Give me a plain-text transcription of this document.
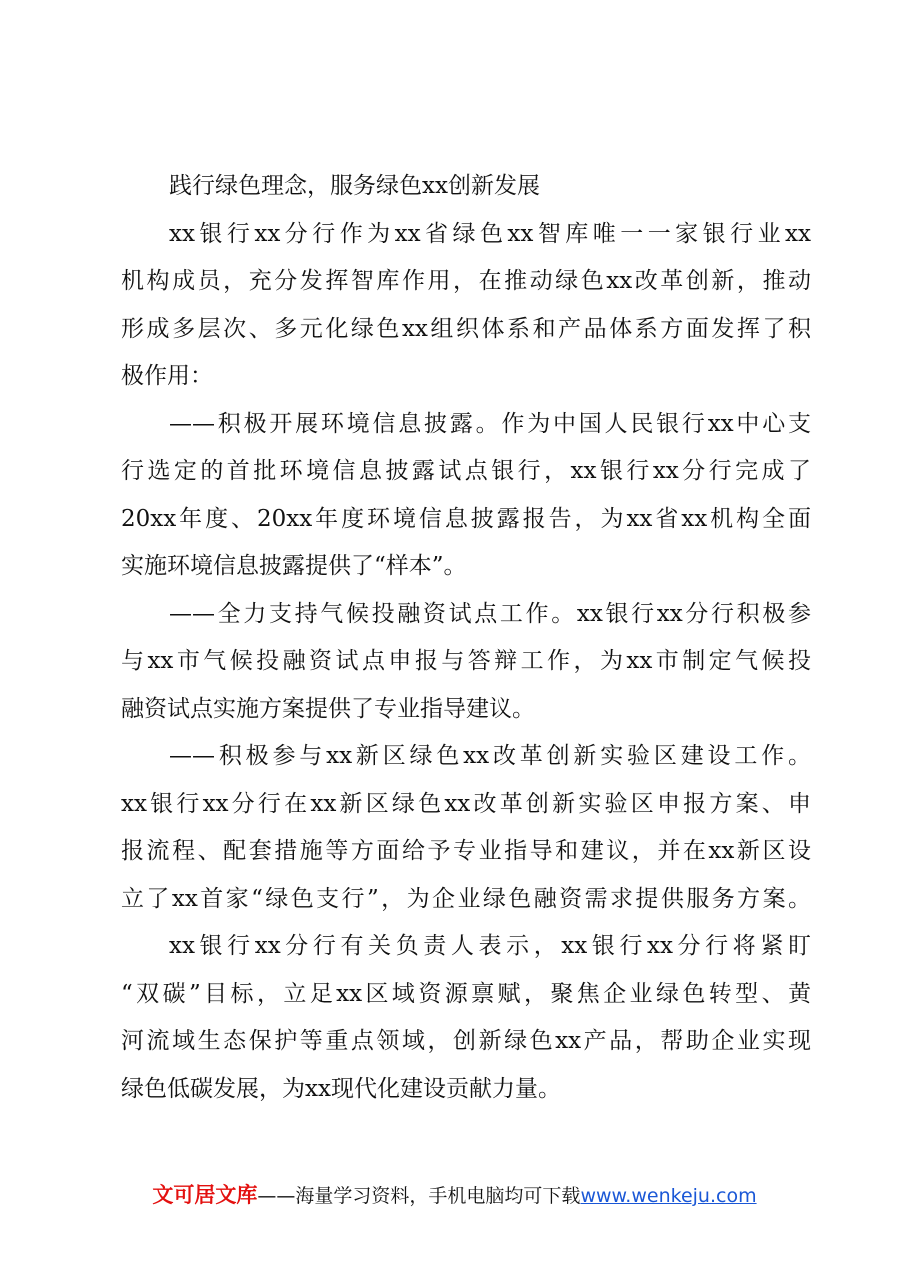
践行绿色理念，服务绿色xx创新发展
xx银行xx分行作为xx省绿色xx智库唯一一家银行业xx
机构成员，充分发挥智库作用，在推动绿色xx改革创新，推动
形成多层次、多元化绿色xx组织体系和产品体系方面发挥了积
极作用：
——积极开展环境信息披露。作为中国人民银行xx中心支
行选定的首批环境信息披露试点银行，xx银行xx分行完成了
20xx年度、20xx年度环境信息披露报告，为xx省xx机构全面
实施环境信息披露提供了“样本”。
——全力支持气候投融资试点工作。xx银行xx分行积极参
与xx市气候投融资试点申报与答辩工作，为xx市制定气候投
融资试点实施方案提供了专业指导建议。
——积极参与xx新区绿色xx改革创新实验区建设工作。
xx银行xx分行在xx新区绿色xx改革创新实验区申报方案、申
报流程、配套措施等方面给予专业指导和建议，并在xx新区设
立了xx首家“绿色支行”，为企业绿色融资需求提供服务方案。
xx银行xx分行有关负责人表示，xx银行xx分行将紧盯
“双碳”目标，立足xx区域资源禀赋，聚焦企业绿色转型、黄
河流域生态保护等重点领域，创新绿色xx产品，帮助企业实现
绿色低碳发展，为xx现代化建设贡献力量。
文可居文库——海量学习资料，手机电脑均可下载www.wenkeju.com
